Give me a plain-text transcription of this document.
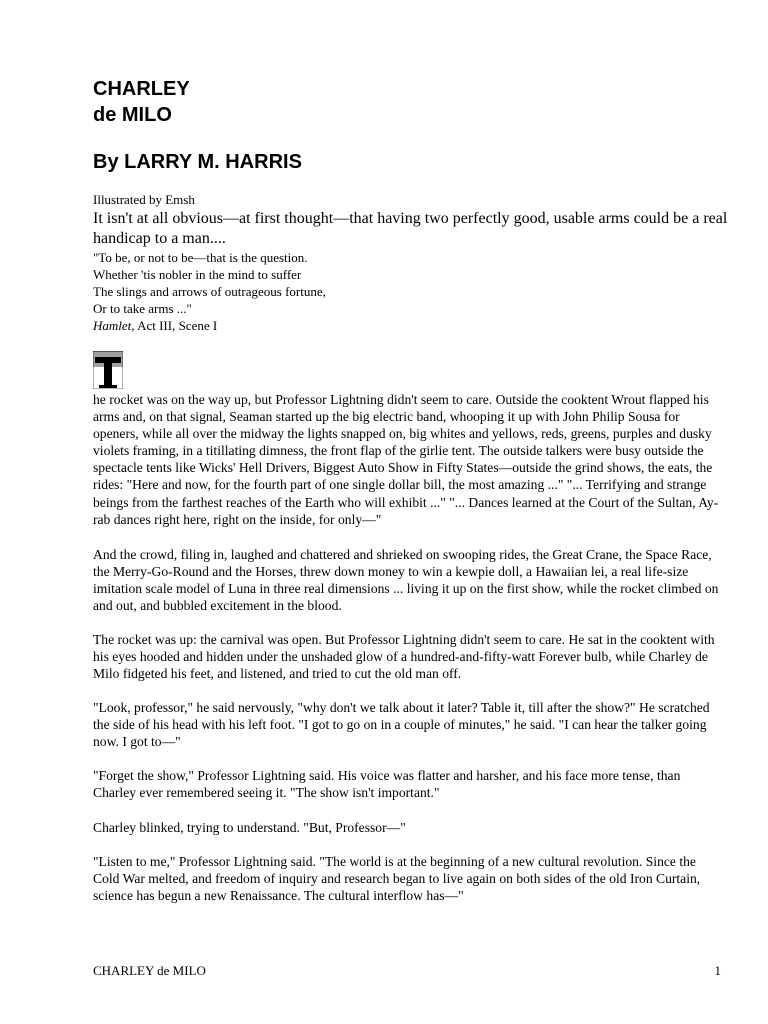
CHARLEY
de MILO
By LARRY M. HARRIS
Illustrated by Emsh
It isn't at all obvious—at first thought—that having two perfectly good, usable arms could be a real handicap to a man....
"To be, or not to be—that is the question.
Whether 'tis nobler in the mind to suffer
The slings and arrows of outrageous fortune,
Or to take arms ..."
Hamlet, Act III, Scene I

he rocket was on the way up, but Professor Lightning didn't seem to care. Outside the cooktent Wrout flapped his arms and, on that signal, Seaman started up the big electric band, whooping it up with John Philip Sousa for openers, while all over the midway the lights snapped on, big whites and yellows, reds, greens, purples and dusky violets framing, in a titillating dimness, the front flap of the girlie tent. The outside talkers were busy outside the spectacle tents like Wicks' Hell Drivers, Biggest Auto Show in Fifty States—outside the grind shows, the eats, the rides: "Here and now, for the fourth part of one single dollar bill, the most amazing ..." "... Terrifying and strange beings from the farthest reaches of the Earth who will exhibit ..." "... Dances learned at the Court of the Sultan, Ay-rab dances right here, right on the inside, for only—"

And the crowd, filing in, laughed and chattered and shrieked on swooping rides, the Great Crane, the Space Race, the Merry-Go-Round and the Horses, threw down money to win a kewpie doll, a Hawaiian lei, a real life-size imitation scale model of Luna in three real dimensions ... living it up on the first show, while the rocket climbed on and out, and bubbled excitement in the blood.

The rocket was up: the carnival was open. But Professor Lightning didn't seem to care. He sat in the cooktent with his eyes hooded and hidden under the unshaded glow of a hundred-and-fifty-watt Forever bulb, while Charley de Milo fidgeted his feet, and listened, and tried to cut the old man off.

"Look, professor," he said nervously, "why don't we talk about it later? Table it, till after the show?" He scratched the side of his head with his left foot. "I got to go on in a couple of minutes," he said. "I can hear the talker going now. I got to—"

"Forget the show," Professor Lightning said. His voice was flatter and harsher, and his face more tense, than Charley ever remembered seeing it. "The show isn't important."

Charley blinked, trying to understand. "But, Professor—"

"Listen to me," Professor Lightning said. "The world is at the beginning of a new cultural revolution. Since the Cold War melted, and freedom of inquiry and research began to live again on both sides of the old Iron Curtain, science has begun a new Renaissance. The cultural interflow has—"

CHARLEY de MILO	1
